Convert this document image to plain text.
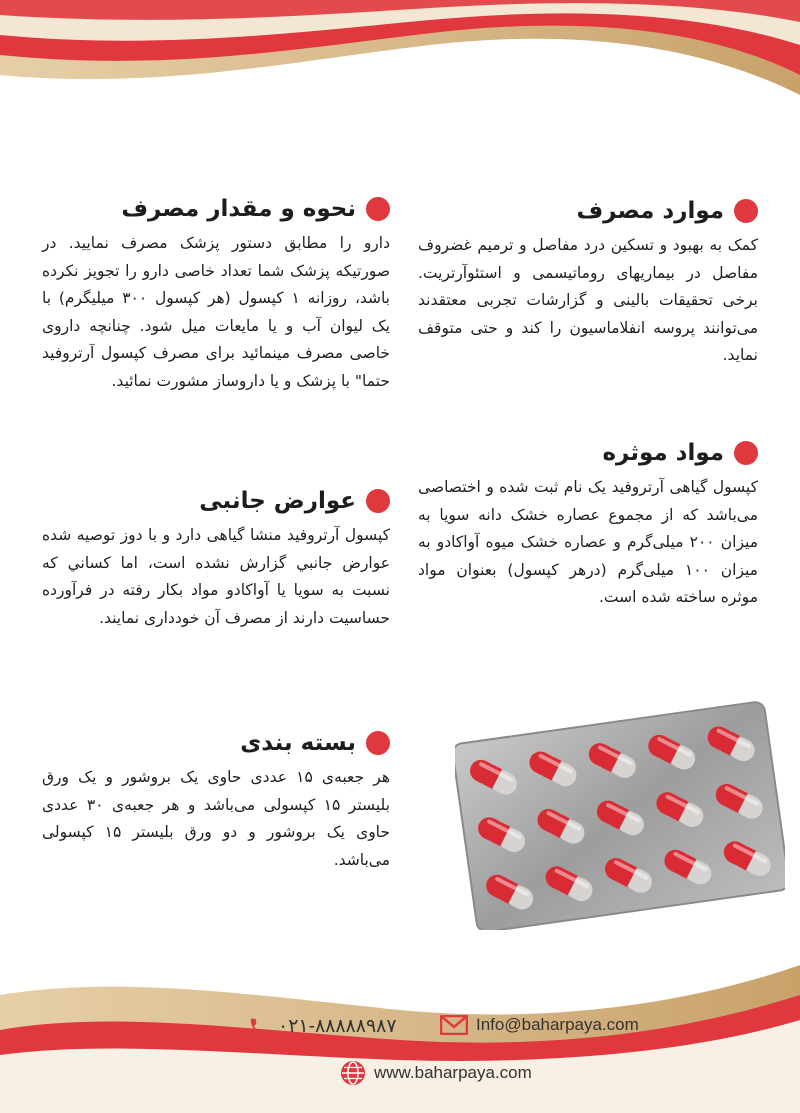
موارد مصرف

کمک به بهبود و تسکین درد مفاصل و ترمیم غضروف مفاصل در بیماریهای روماتیسمی و استئوآرتریت. برخی تحقیقات بالینی و گزارشات تجربی معتقدند می‌توانند پروسه انفلاماسیون را کند و حتی متوقف نماید.

مواد موثره

کپسول گیاهی آرتروفید یک نام ثبت شده و اختصاصی می‌باشد که از مجموع عصاره خشک دانه سویا به میزان ۲۰۰ میلی‌گرم و عصاره خشک میوه آواکادو به میزان ۱۰۰ میلی‌گرم (درهر کپسول) بعنوان مواد موثره ساخته شده است.

نحوه و مقدار مصرف

دارو را مطابق دستور پزشک مصرف نمایید. در صورتیکه پزشک شما تعداد خاصی دارو را تجویز نکرده باشد، روزانه ۱ کپسول (هر کپسول ۳۰۰ میلیگرم) با یک لیوان آب و یا مایعات میل شود. چنانچه داروی خاصی مصرف مینمائید برای مصرف کپسول آرتروفید حتما" با پزشک و یا داروساز مشورت نمائید.

عوارض جانبی

کپسول آرتروفید منشا گیاهی دارد و با دوز توصیه شده عوارض جانبي گزارش نشده است، اما كساني كه نسبت به سويا يا آواكادو مواد بكار رفته در فرآورده حساسيت دارند از مصرف آن خودداری نمایند.

بسته بندی

هر جعبه‌ی ۱۵ عددی حاوی یک بروشور و یک ورق بلیستر ۱۵ کپسولی می‌باشد و هر جعبه‌ی ۳۰ عددی حاوی یک بروشور و دو ورق بلیستر ۱۵ کپسولی می‌باشد.

۰۲۱-۸۸۸۸۸۹۸۷	Info@baharpaya.com
www.baharpaya.com
